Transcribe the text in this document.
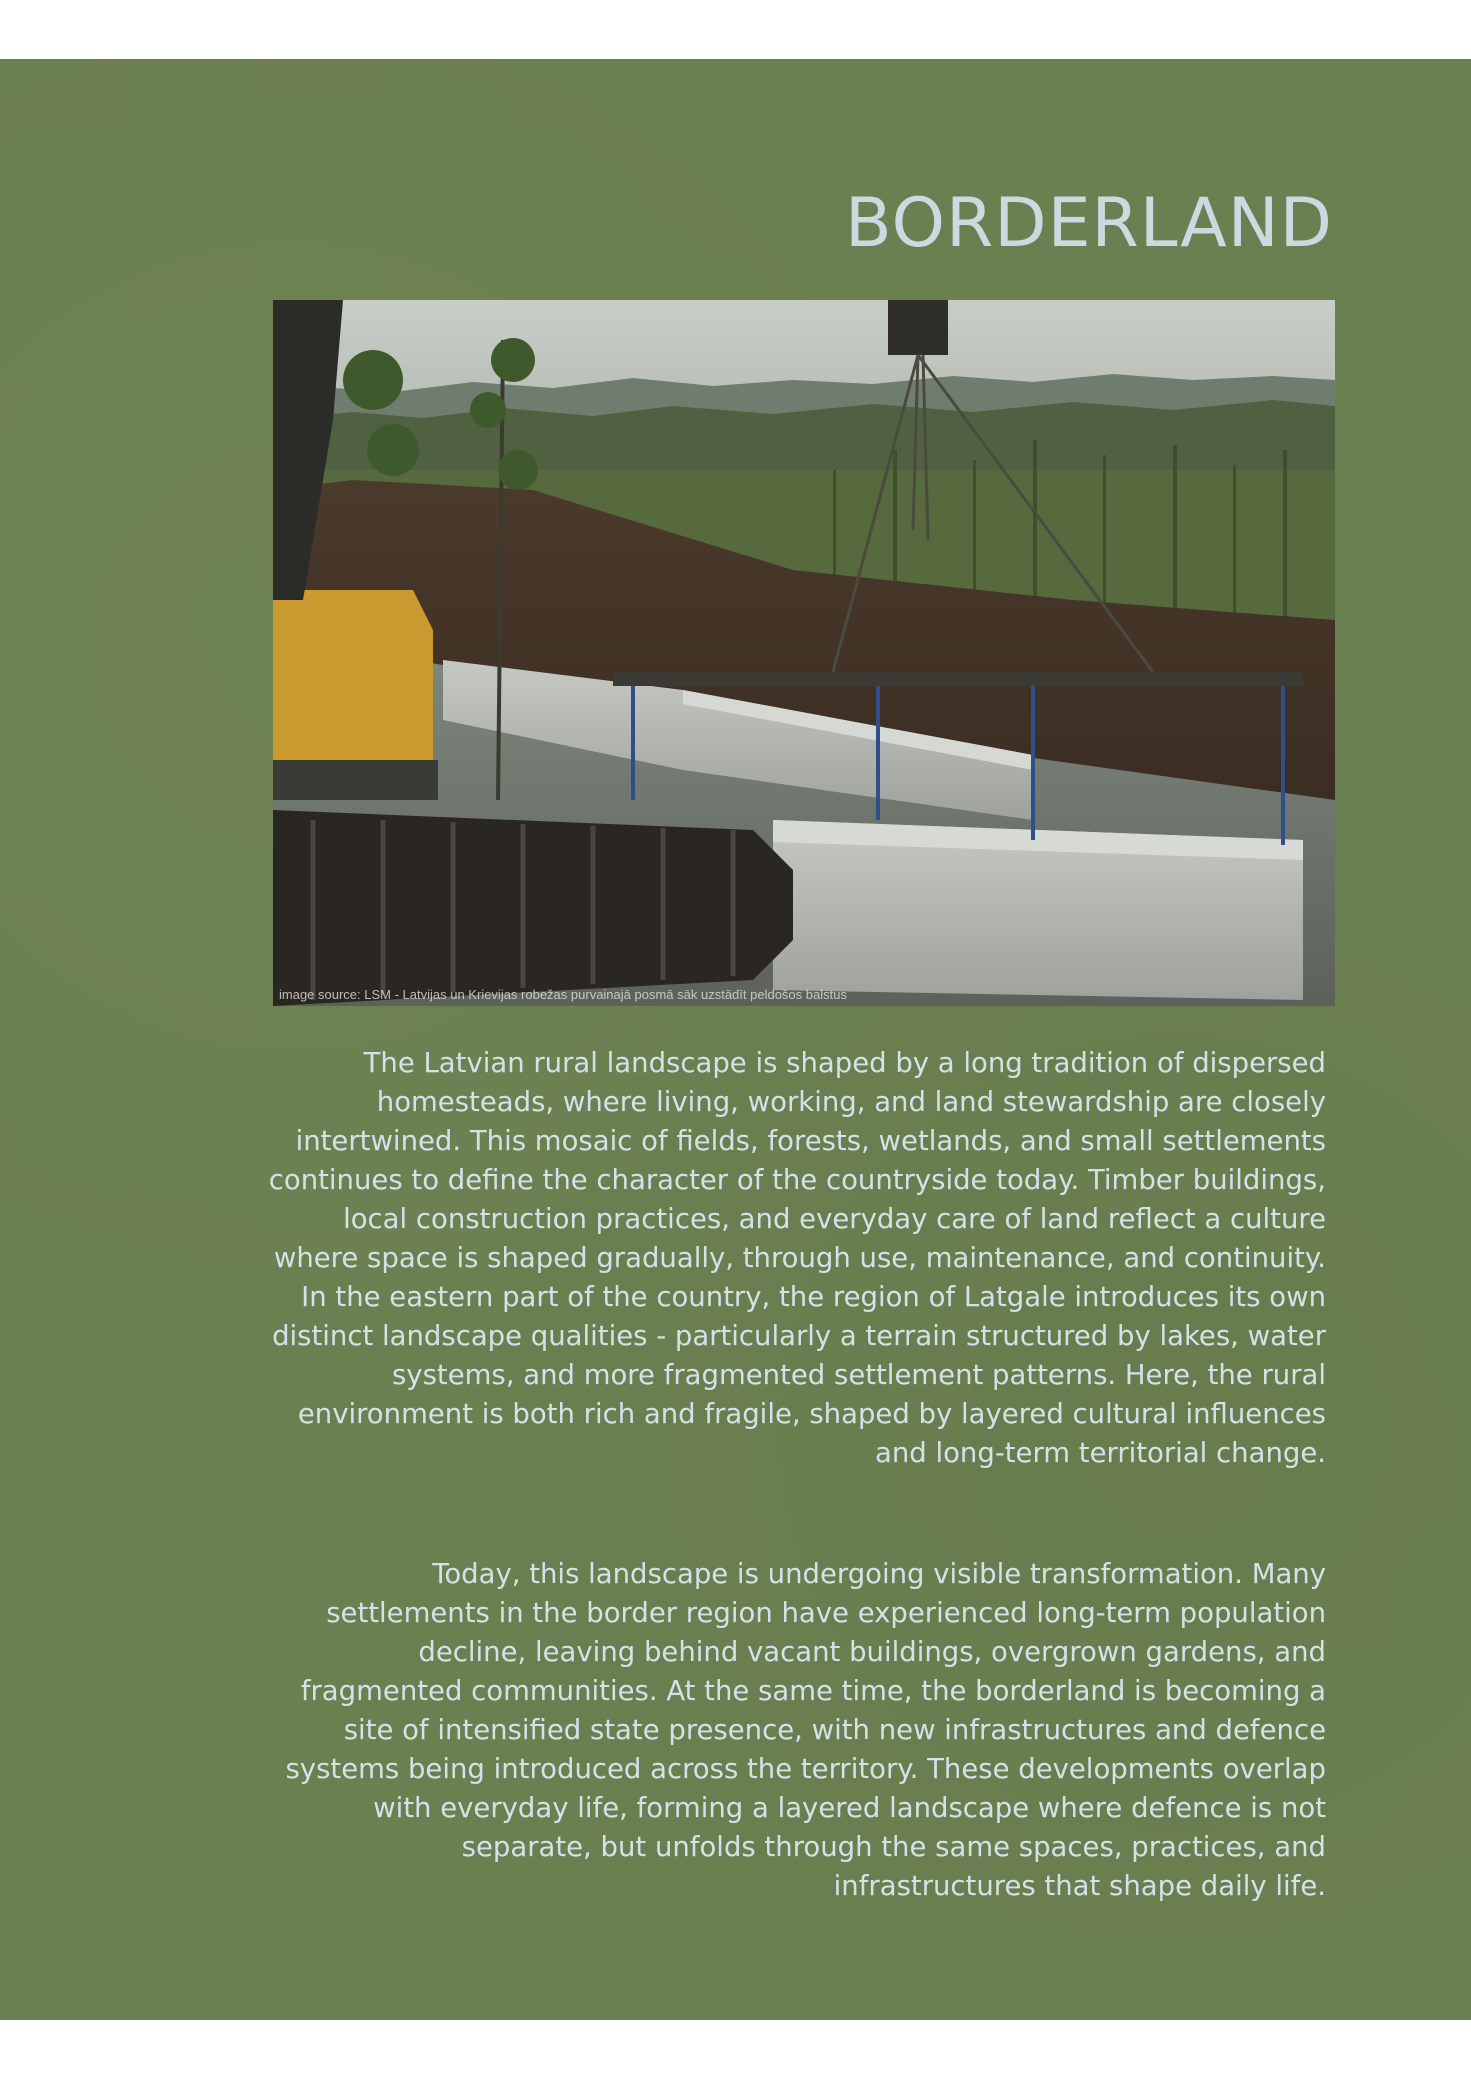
BORDERLAND
image source: LSM - Latvijas un Krievijas robežas purvainajā posmā sāk uzstādīt peldošos balstus

The Latvian rural landscape is shaped by a long tradition of dispersed homesteads, where living, working, and land stewardship are closely intertwined. This mosaic of fields, forests, wetlands, and small settlements continues to define the character of the countryside today. Timber buildings, local construction practices, and everyday care of land reflect a culture where space is shaped gradually, through use, maintenance, and continuity. In the eastern part of the country, the region of Latgale introduces its own distinct landscape qualities - particularly a terrain structured by lakes, water systems, and more fragmented settlement patterns. Here, the rural environment is both rich and fragile, shaped by layered cultural influences and long-term territorial change.

Today, this landscape is undergoing visible transformation. Many settlements in the border region have experienced long-term population decline, leaving behind vacant buildings, overgrown gardens, and fragmented communities. At the same time, the borderland is becoming a site of intensified state presence, with new infrastructures and defence systems being introduced across the territory. These developments overlap with everyday life, forming a layered landscape where defence is not separate, but unfolds through the same spaces, practices, and infrastructures that shape daily life.
